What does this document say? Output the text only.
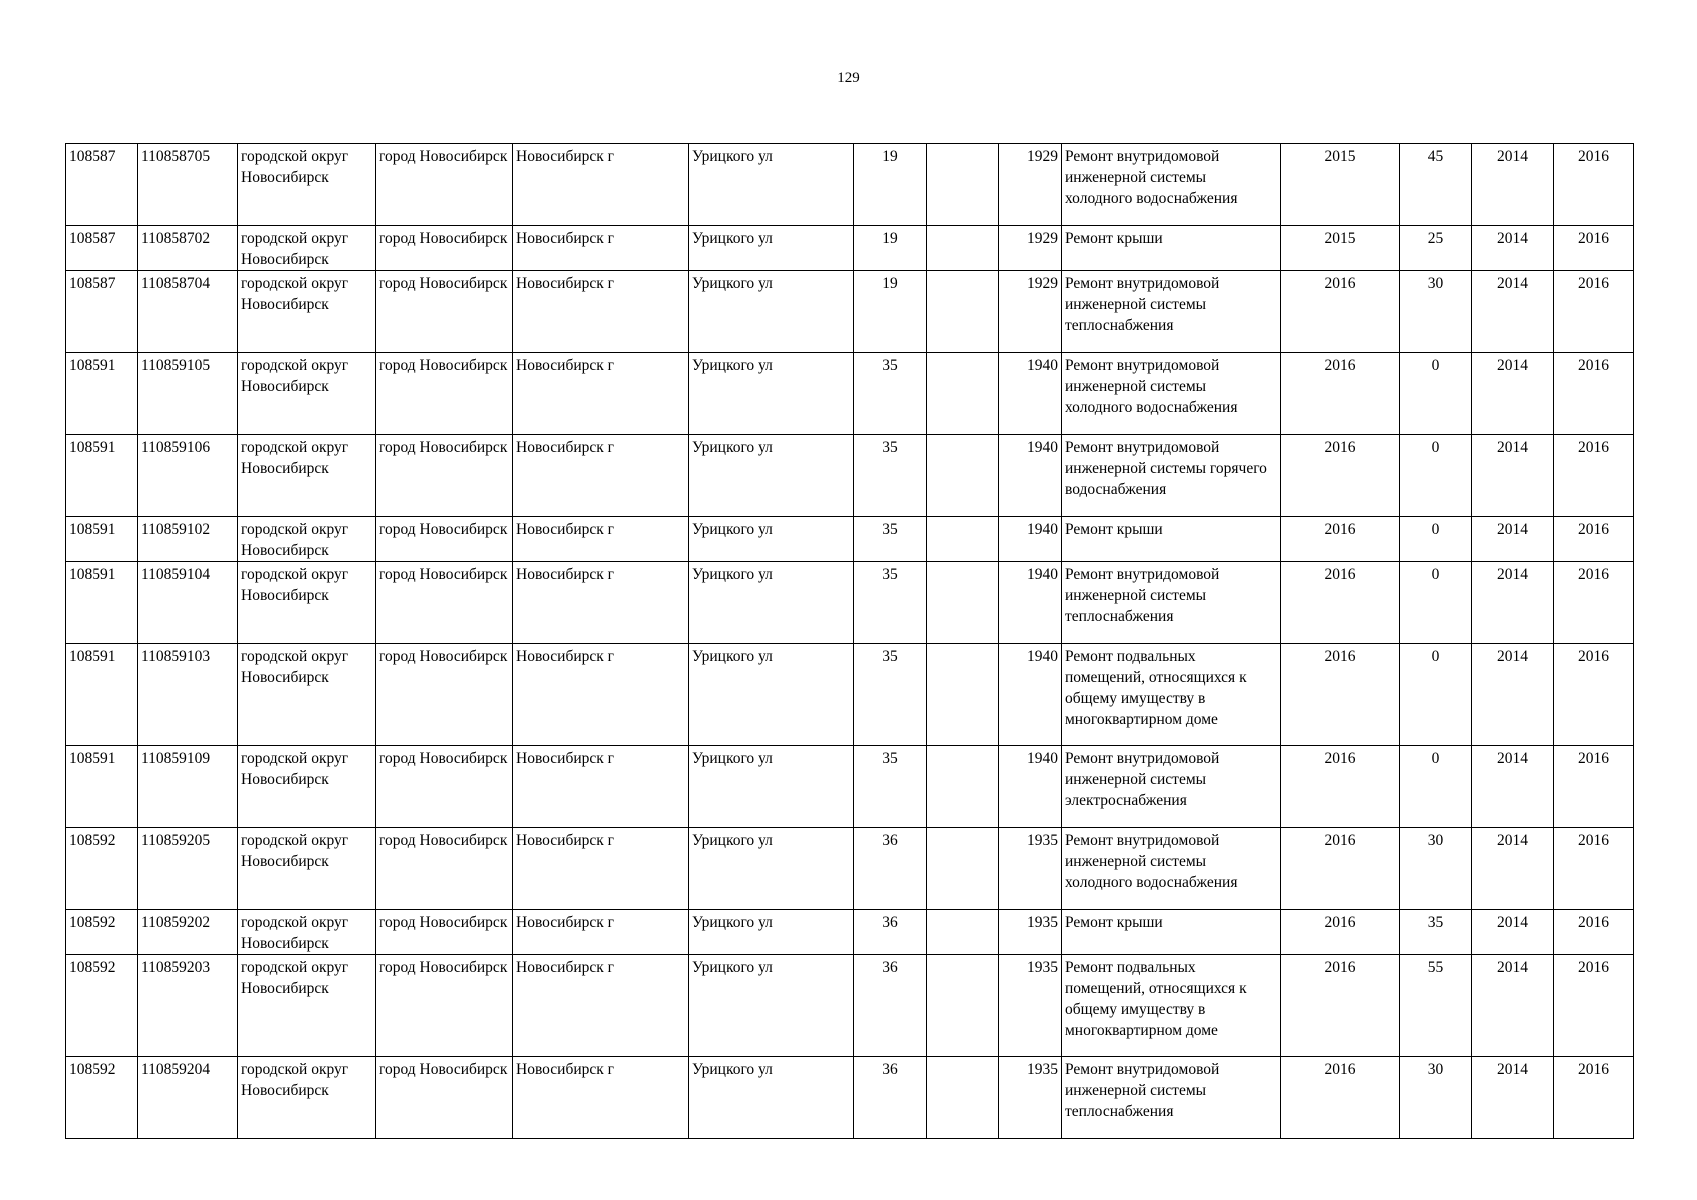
129
108587	110858705	городской округ Новосибирск	город Новосибирск	Новосибирск г	Урицкого ул	19		1929	Ремонт внутридомовой инженерной системы холодного водоснабжения	2015	45	2014	2016
108587	110858702	городской округ Новосибирск	город Новосибирск	Новосибирск г	Урицкого ул	19		1929	Ремонт крыши	2015	25	2014	2016
108587	110858704	городской округ Новосибирск	город Новосибирск	Новосибирск г	Урицкого ул	19		1929	Ремонт внутридомовой инженерной системы теплоснабжения	2016	30	2014	2016
108591	110859105	городской округ Новосибирск	город Новосибирск	Новосибирск г	Урицкого ул	35		1940	Ремонт внутридомовой инженерной системы холодного водоснабжения	2016	0	2014	2016
108591	110859106	городской округ Новосибирск	город Новосибирск	Новосибирск г	Урицкого ул	35		1940	Ремонт внутридомовой инженерной системы горячего водоснабжения	2016	0	2014	2016
108591	110859102	городской округ Новосибирск	город Новосибирск	Новосибирск г	Урицкого ул	35		1940	Ремонт крыши	2016	0	2014	2016
108591	110859104	городской округ Новосибирск	город Новосибирск	Новосибирск г	Урицкого ул	35		1940	Ремонт внутридомовой инженерной системы теплоснабжения	2016	0	2014	2016
108591	110859103	городской округ Новосибирск	город Новосибирск	Новосибирск г	Урицкого ул	35		1940	Ремонт подвальных помещений, относящихся к общему имуществу в многоквартирном доме	2016	0	2014	2016
108591	110859109	городской округ Новосибирск	город Новосибирск	Новосибирск г	Урицкого ул	35		1940	Ремонт внутридомовой инженерной системы электроснабжения	2016	0	2014	2016
108592	110859205	городской округ Новосибирск	город Новосибирск	Новосибирск г	Урицкого ул	36		1935	Ремонт внутридомовой инженерной системы холодного водоснабжения	2016	30	2014	2016
108592	110859202	городской округ Новосибирск	город Новосибирск	Новосибирск г	Урицкого ул	36		1935	Ремонт крыши	2016	35	2014	2016
108592	110859203	городской округ Новосибирск	город Новосибирск	Новосибирск г	Урицкого ул	36		1935	Ремонт подвальных помещений, относящихся к общему имуществу в многоквартирном доме	2016	55	2014	2016
108592	110859204	городской округ Новосибирск	город Новосибирск	Новосибирск г	Урицкого ул	36		1935	Ремонт внутридомовой инженерной системы теплоснабжения	2016	30	2014	2016
